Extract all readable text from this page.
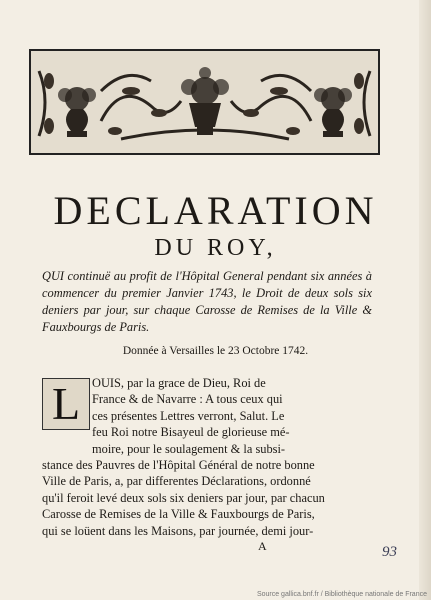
DECLARATION
DU ROY,
QUI continuë au profit de l'Hôpital General pendant six années à commencer du premier Janvier 1743, le Droit de deux sols six deniers par jour, sur chaque Carosse de Remises de la Ville & Fauxbourgs de Paris.
Donnée à Versailles le 23 Octobre 1742.
L OUIS, par la grace de Dieu, Roi de
France & de Navarre : A tous ceux qui
ces présentes Lettres verront, Salut. Le
feu Roi notre Bisayeul de glorieuse mé-
moire, pour le soulagement & la subsi-
stance des Pauvres de l'Hôpital Général de notre bonne
Ville de Paris, a, par differentes Déclarations, ordonné
qu'il feroit levé deux sols six deniers par jour, par chacun
Carosse de Remises de la Ville & Fauxbourgs de Paris,
qui se loüent dans les Maisons, par journée, demi jour-
A	93
Source gallica.bnf.fr / Bibliothèque nationale de France
